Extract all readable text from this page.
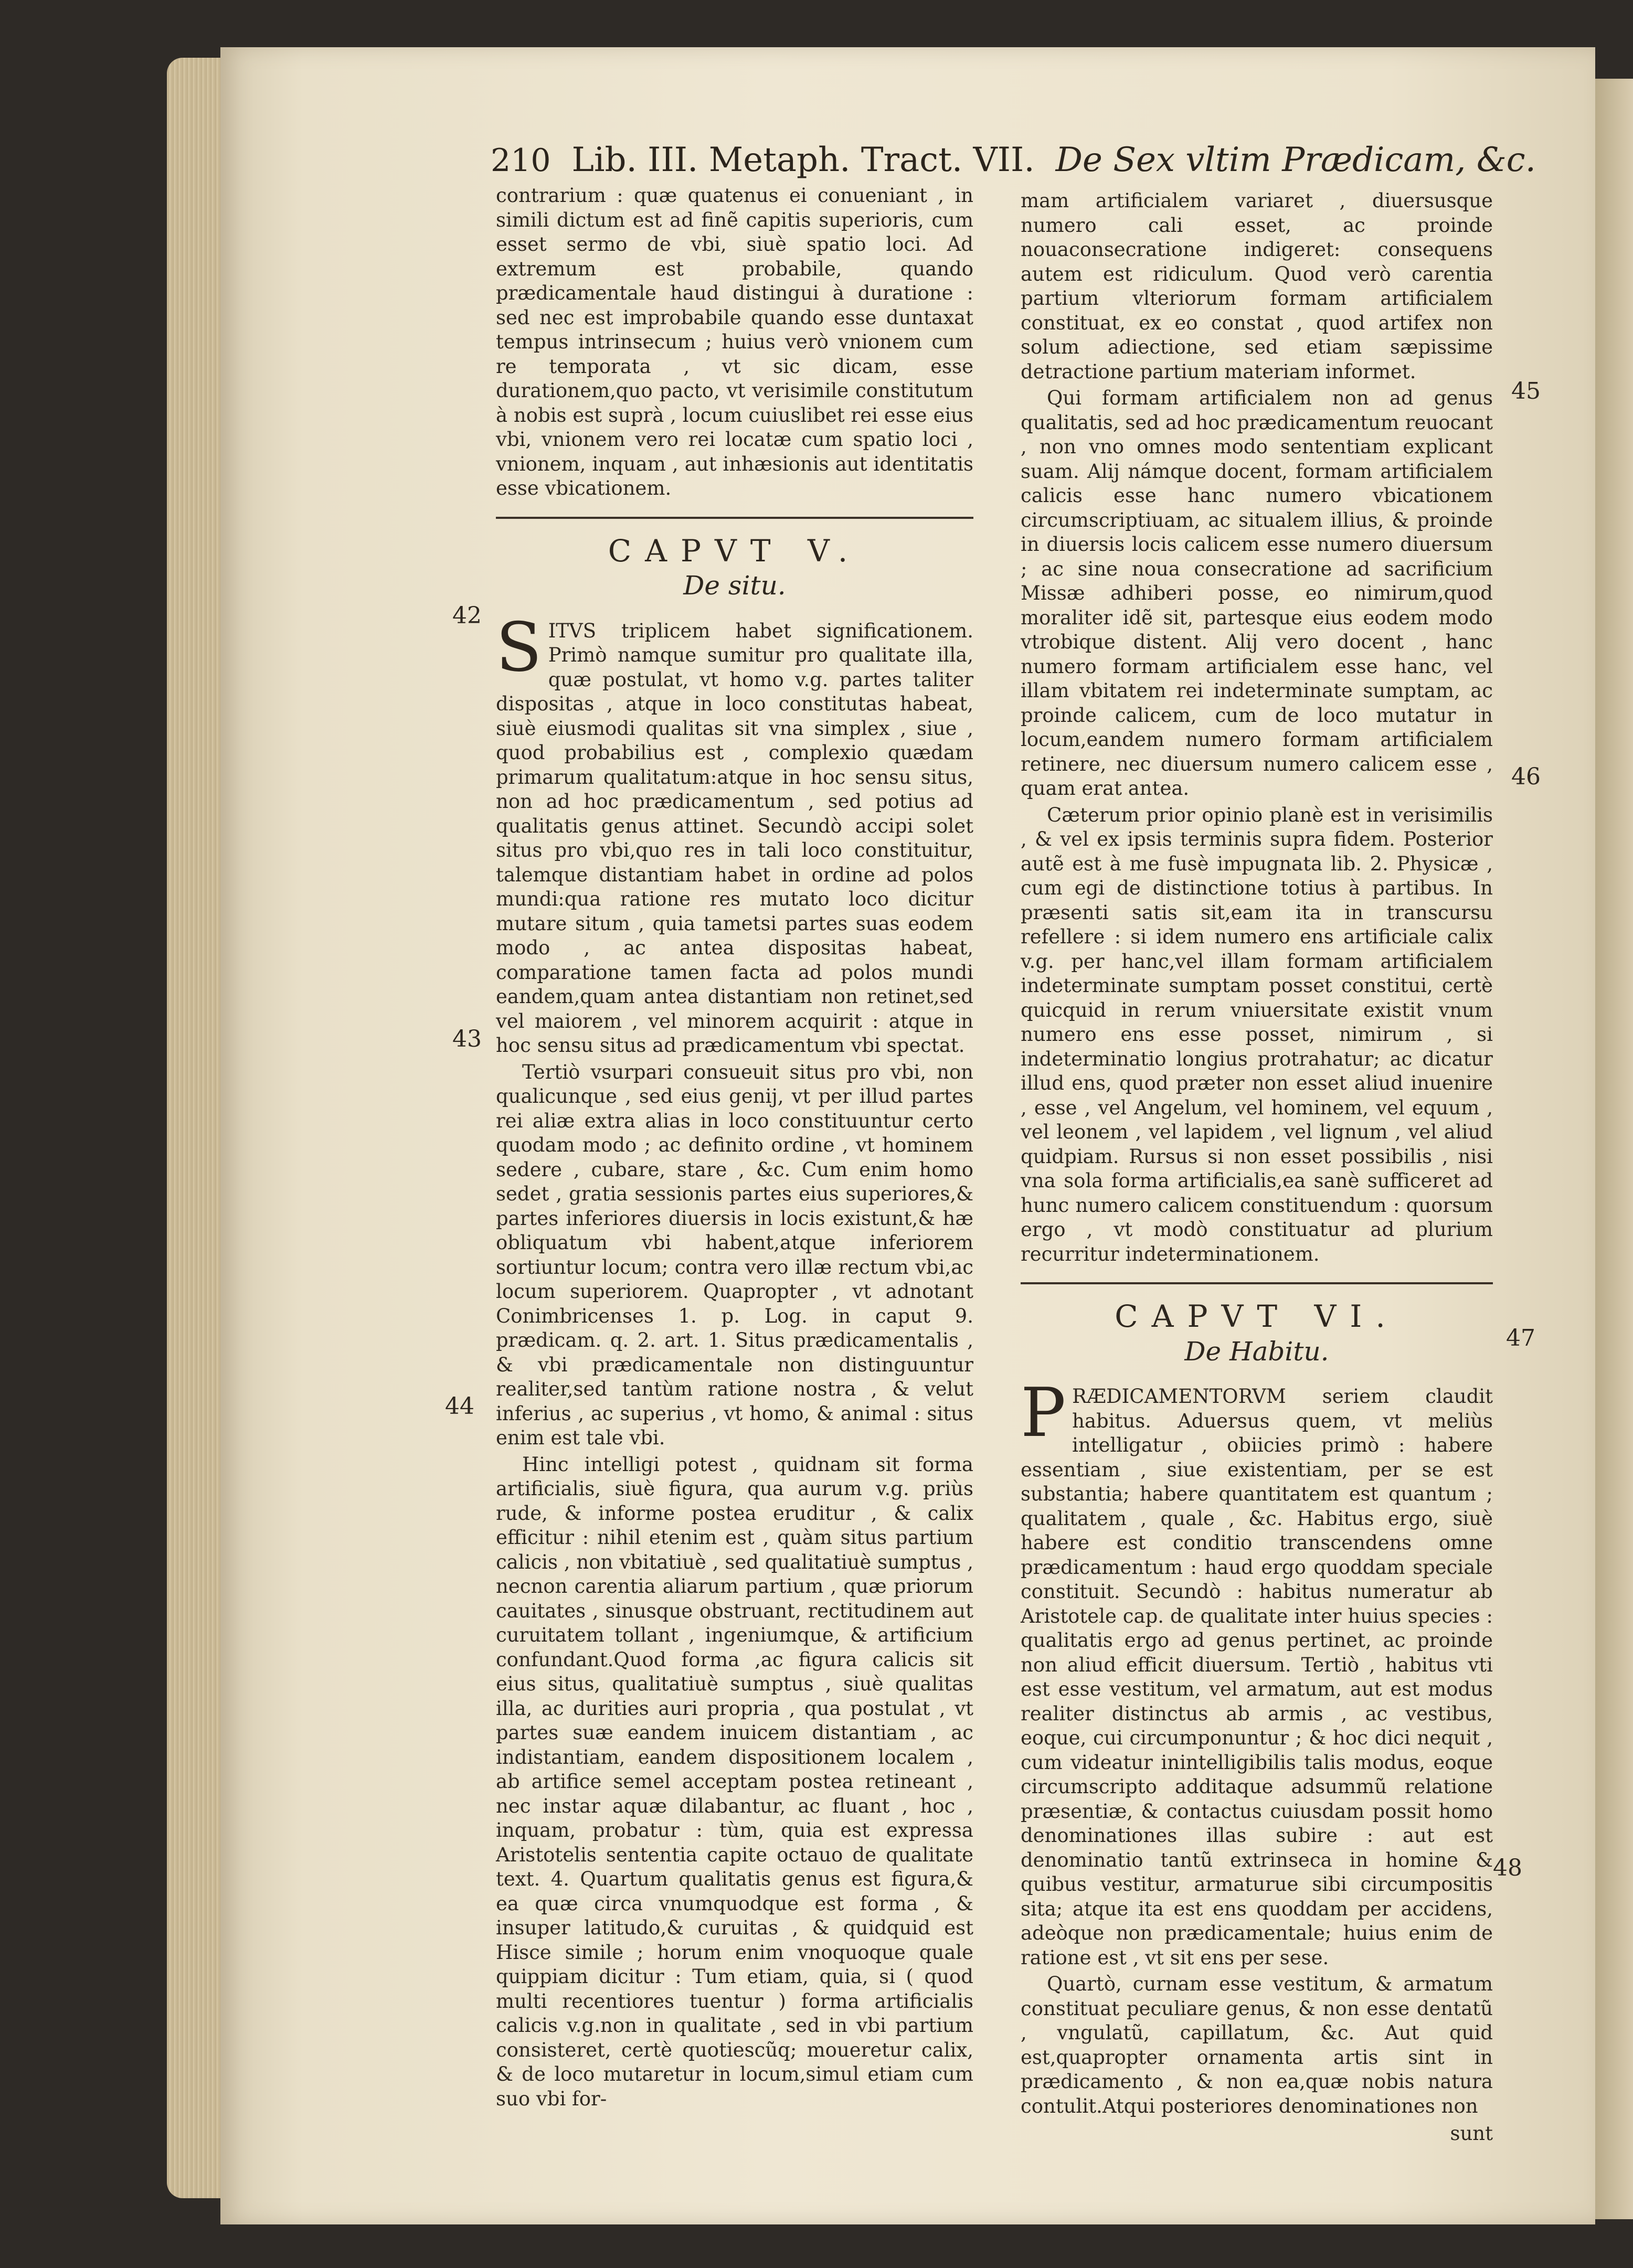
210 Lib. III. Metaph. Tract. VII. De Sex vltim Prædicam, &c.

contrarium : quæ quatenus ei conueniant , in simili dictum est ad finẽ capitis superioris, cum esset sermo de vbi, siuè spatio loci. Ad extremum est probabile, quando prædicamentale haud distingui à duratione : sed nec est improbabile quando esse duntaxat tempus intrinsecum ; huius verò vnionem cum re temporata , vt sic dicam, esse durationem,quo pacto, vt verisimile constitutum à nobis est suprà , locum cuiuslibet rei esse eius vbi, vnionem vero rei locatæ cum spatio loci , vnionem, inquam , aut inhæsionis aut identitatis esse vbicationem.

CAPVT V.
De situ.

S ITVS triplicem habet significationem. Primò namque sumitur pro qualitate illa, quæ postulat, vt homo v.g. partes taliter dispositas , atque in loco constitutas habeat, siuè eiusmodi qualitas sit vna simplex , siue , quod probabilius est , complexio quædam primarum qualitatum:atque in hoc sensu situs, non ad hoc prædicamentum , sed potius ad qualitatis genus attinet. Secundò accipi solet situs pro vbi,quo res in tali loco constituitur, talemque distantiam habet in ordine ad polos mundi:qua ratione res mutato loco dicitur mutare situm , quia tametsi partes suas eodem modo , ac antea dispositas habeat, comparatione tamen facta ad polos mundi eandem,quam antea distantiam non retinet,sed vel maiorem , vel minorem acquirit : atque in hoc sensu situs ad prædicamentum vbi spectat.

Tertiò vsurpari consueuit situs pro vbi, non qualicunque , sed eius genij, vt per illud partes rei aliæ extra alias in loco constituuntur certo quodam modo ; ac definito ordine , vt hominem sedere , cubare, stare , &c. Cum enim homo sedet , gratia sessionis partes eius superiores,& partes inferiores diuersis in locis existunt,& hæ obliquatum vbi habent,atque inferiorem sortiuntur locum; contra vero illæ rectum vbi,ac locum superiorem. Quapropter , vt adnotant Conimbricenses 1. p. Log. in caput 9. prædicam. q. 2. art. 1. Situs prædicamentalis , & vbi prædicamentale non distinguuntur realiter,sed tantùm ratione nostra , & velut inferius , ac superius , vt homo, & animal : situs enim est tale vbi.

Hinc intelligi potest , quidnam sit forma artificialis, siuè figura, qua aurum v.g. priùs rude, & informe postea eruditur , & calix efficitur : nihil etenim est , quàm situs partium calicis , non vbitatiuè , sed qualitatiuè sumptus , necnon carentia aliarum partium , quæ priorum cauitates , sinusque obstruant, rectitudinem aut curuitatem tollant , ingeniumque, & artificium confundant.Quod forma ,ac figura calicis sit eius situs, qualitatiuè sumptus , siuè qualitas illa, ac durities auri propria , qua postulat , vt partes suæ eandem inuicem distantiam , ac indistantiam, eandem dispositionem localem , ab artifice semel acceptam postea retineant , nec instar aquæ dilabantur, ac fluant , hoc , inquam, probatur : tùm, quia est expressa Aristotelis sententia capite octauo de qualitate text. 4. Quartum qualitatis genus est figura,& ea quæ circa vnumquodque est forma , & insuper latitudo,& curuitas , & quidquid est Hisce simile ; horum enim vnoquoque quale quippiam dicitur : Tum etiam, quia, si ( quod multi recentiores tuentur ) forma artificialis calicis v.g.non in qualitate , sed in vbi partium consisteret, certè quotiescũq; moueretur calix, & de loco mutaretur in locum,simul etiam cum suo vbi for-

mam artificialem variaret , diuersusque numero cali esset, ac proinde nouaconsecratione indigeret: consequens autem est ridiculum. Quod verò carentia partium vlteriorum formam artificialem constituat, ex eo constat , quod artifex non solum adiectione, sed etiam sæpissime detractione partium materiam informet.

Qui formam artificialem non ad genus qualitatis, sed ad hoc prædicamentum reuocant , non vno omnes modo sententiam explicant suam. Alij námque docent, formam artificialem calicis esse hanc numero vbicationem circumscriptiuam, ac situalem illius, & proinde in diuersis locis calicem esse numero diuersum ; ac sine noua consecratione ad sacrificium Missæ adhiberi posse, eo nimirum,quod moraliter idẽ sit, partesque eius eodem modo vtrobique distent. Alij vero docent , hanc numero formam artificialem esse hanc, vel illam vbitatem rei indeterminate sumptam, ac proinde calicem, cum de loco mutatur in locum,eandem numero formam artificialem retinere, nec diuersum numero calicem esse , quam erat antea.

Cæterum prior opinio planè est in verisimilis , & vel ex ipsis terminis supra fidem. Posterior autẽ est à me fusè impugnata lib. 2. Physicæ , cum egi de distinctione totius à partibus. In præsenti satis sit,eam ita in transcursu refellere : si idem numero ens artificiale calix v.g. per hanc,vel illam formam artificialem indeterminate sumptam posset constitui, certè quicquid in rerum vniuersitate existit vnum numero ens esse posset, nimirum , si indeterminatio longius protrahatur; ac dicatur illud ens, quod præter non esset aliud inuenire , esse , vel Angelum, vel hominem, vel equum , vel leonem , vel lapidem , vel lignum , vel aliud quidpiam. Rursus si non esset possibilis , nisi vna sola forma artificialis,ea sanè sufficeret ad hunc numero calicem constituendum : quorsum ergo , vt modò constituatur ad plurium recurritur indeterminationem.

CAPVT VI.
De Habitu.

P RÆDICAMENTORVM seriem claudit habitus. Aduersus quem, vt meliùs intelligatur , obiicies primò : habere essentiam , siue existentiam, per se est substantia; habere quantitatem est quantum ; qualitatem , quale , &c. Habitus ergo, siuè habere est conditio transcendens omne prædicamentum : haud ergo quoddam speciale constituit. Secundò : habitus numeratur ab Aristotele cap. de qualitate inter huius species : qualitatis ergo ad genus pertinet, ac proinde non aliud efficit diuersum. Tertiò , habitus vti est esse vestitum, vel armatum, aut est modus realiter distinctus ab armis , ac vestibus, eoque, cui circumponuntur ; & hoc dici nequit , cum videatur inintelligibilis talis modus, eoque circumscripto additaque adsummũ relatione præsentiæ, & contactus cuiusdam possit homo denominationes illas subire : aut est denominatio tantũ extrinseca in homine & quibus vestitur, armaturue sibi circumpositis sita; atque ita est ens quoddam per accidens, adeòque non prædicamentale; huius enim de ratione est , vt sit ens per sese.

Quartò, curnam esse vestitum, & armatum constituat peculiare genus, & non esse dentatũ , vngulatũ, capillatum, &c. Aut quid est,quapropter ornamenta artis sint in prædicamento , & non ea,quæ nobis natura contulit.Atqui posteriores denominationes non

sunt
42
43
44
45
46
47
48
